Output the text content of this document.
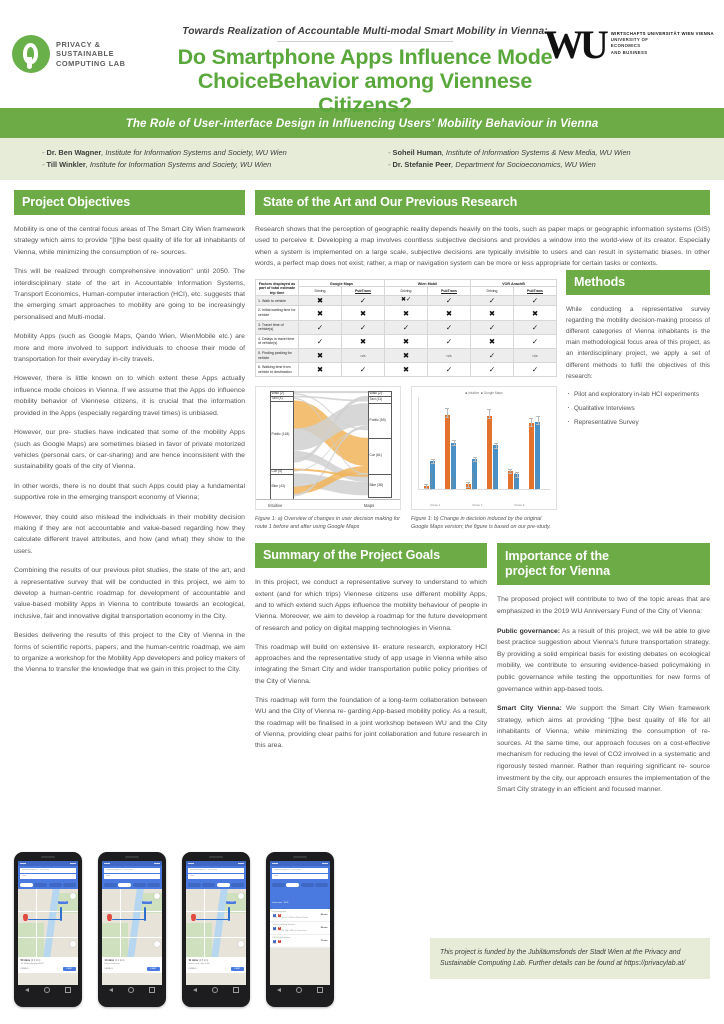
PRIVACY &
SUSTAINABLE
COMPUTING LAB
Towards Realization of Accountable Multi-modal Smart Mobility in Vienna:
Do Smartphone Apps Influence Mode
ChoiceBehavior among Viennese Citizens?
WU WIRTSCHAFTS UNIVERSITÄT WIEN VIENNA
UNIVERSITY OF
ECONOMICS
AND BUSINESS
The Role of User-interface Design in Influencing Users' Mobility Behaviour in Vienna
- Dr. Ben Wagner, Institute for Information Systems and Society, WU Wien
- Till Winkler, Institute for Information Systems and Society, WU Wien
- Soheil Human, Institute of Information Systems & New Media, WU Wien
- Dr. Stefanie Peer, Department for Socioeconomics, WU Wien
Project Objectives

Mobility is one of the central focus areas of The Smart City Wien framework strategy which aims to provide "[t]he best quality of life for all inhabitants of Vienna, while minimizing the consumption of re- sources.

This will be realized through comprehensive innovation" until 2050. The interdisciplinary state of the art in Accountable Information Systems, Transport Economics, Human-computer interaction (HCI), etc. suggests that the emerging smart approaches to mobility are going to be increasingly personalised and Multi-modal.

Mobility Apps (such as Google Maps, Qando Wien, WienMobile etc.) are more and more involved to support individuals to choose their mode of transportation for their everyday in-city travels.

However, there is little known on to which extent these Apps actually influence mode choices in Vienna. If we assume that the Apps do influence mobility behavior of Viennese citizens, it is crucial that the information provided in the Apps (especially regarding travel times) is unbiased.

However, our pre- studies have indicated that some of the mobility Apps (such as Google Maps) are sometimes biased in favor of private motorized vehicles (personal cars, or car-sharing) and are hence inconsistent with the sustainability goals of the city of Vienna.

In other words, there is no doubt that such Apps could play a fundamental supportive role in the emerging transport economy of Vienna;

However, they could also mislead the individuals in their mobility decision making if they are not accountable and value-based regarding how they calculate different travel attributes, and how (and what) they show to the users.

Combining the results of our previous pilot studies, the state of the art, and a representative survey that will be conducted in this project, we aim to develop a human-centric roadmap for development of accountable and value-based mobility Apps in Vienna to contribute towards an ecological, inclusive, fair and innovative digital transportation economy in the City.

Besides delivering the results of this project to the City of Vienna in the forms of scientific reports, papers, and the human-centric roadmap, we aim to organize a workshop for the Mobility App developers and policy makers of the Vienna to transfer the knowledge that we gain in this project to the City.

State of the Art and Our Previous Research

Research shows that the perception of geographic reality depends heavily on the tools, such as paper maps or geographic information systems (GIS) used to perceive it. Developing a map involves countless subjective decisions and provides a window into the world-view of its creator. Especially when a system is implemented on a large scale, subjective decisions are typically invisible to users and can result in systematic biases. In other words, a perfect map does not exist; rather, a map or navigation system can be more or less appropriate for certain tasks or contexts.

Factors displayed as part of total estimate trip time	Google Maps		Wien Mobil		VOR AnachB	
	Driving	PubTrans	Driving	PubTrans	Driving	PubTrans
1. Walk to vehicle	✖	✓	✖✓	✓	✓	✓
2. Initial waiting time for vehicle	✖	✖	✖	✖	✖	✖
3. Travel time of vehicle(s)	✓	✓	✓	✓	✓	✓
4. Delays in travel time of vehicle(s)	✓	✖	✖	✓	✖	✓
5. Finding parking for vehicle	✖	n/a	✖	n/a	✓	n/a
6. Walking time from vehicle to destination	✖	✓	✖	✓	✓	✓
Walk (2)
Taxi (4)
Public (118)
Car (4)
Bike (43)
Walk (2)
Taxi (11)
Public (59)
Car (61)
Bike (38)
Intuitive	Maps
Figure 1: a) Overview of changes in user decision making for route 1 before and after using Google Maps
■ Intuitive  ■ Google Maps
not comfortable	comfortable	not comfortable	comfortable	not comfortable	comfortable
Route 1	Route 2	Route 3
Figure 1: b) Change in decision induced by the original Google Maps version; the figure is based on our pre-study.
Methods

While conducting a representative survey regarding the mobility decision-making process of different categories of Vienna inhabitants is the main methodological focus area of this project, as an interdisciplinary project, we apply a set of different methods to fulfil the objectives of this research:

· Pilot and exploratory in-lab HCI experiments
· Qualitative Interviews
· Representative Survey
Summary of the Project Goals

In this project, we conduct a representative survey to understand to which extent (and for which trips) Viennese citizens use different mobility Apps, and to which extend such Apps influence the mobility behaviour of people in Vienna. Moreover, we aim to develop a roadmap for the future development of research and policy on digital mapping technologies in Vienna.

This roadmap will build on extensive lit- erature research, exploratory HCI approaches and the representative study of app usage in Vienna while also integrating the Smart City and wider transportation public policy priorities of the City of Vienna.

This roadmap will form the foundation of a long-term collaboration between WU and the City of Vienna re- garding App-based mobility policy. As a result, the roadmap will be finalised in a joint workshop between WU and the City of Vienna, providing clear paths for joint collaboration and future research in this area.

Importance of the
project for Vienna

The proposed project will contribute to two of the topic areas that are emphasized in the 2019 WU Anniversary Fund of the City of Vienna:

Public governance: As a result of this project, we will be able to give best practice suggestion about Vienna's future transportation strategy. By providing a solid empirical basis for existing debates on ecological mobility, we contribute to ensuring evidence-based policymaking in public governance while testing the opportunities for new forms of governance within app-based tools.

Smart City Vienna: We support the Smart City Wien framework strategy, which aims at providing "[t]he best quality of life for all inhabitants of Vienna, while minimizing the consumption of re- sources. At the same time, our approach focuses on a cost-effective mechanism for reducing the level of CO2 involved in a systematic and rigorously tested manner. Rather than requiring significant re- source investment by the city, our approach ensures the implementation of the Smart City strategy in an efficient and focused manner.

This project is funded by the Jubiläumsfonds der Stadt Wien at the Privacy and Sustainable Computing Lab. Further details can be found at https://privacylab.at/

Welthandelsplatz 1, 1020 Wien
Wien
50 mins
50 mins (3,9 km)
via Welthandelsplatz/B227
DETAILS	START
Welthandelsplatz 1, 1020 Wien
Wien
14 mins
14 mins (2,1 km)
fastest route now
DETAILS	START
Welthandelsplatz 1, 1020 Wien
Wien
11 mins
11 mins (4,5 km)
fastest route, light traffic
DETAILS	START
Welthandelsplatz 1, 1020 Wien
Wien
Leave now · 14:31
Recommended
U	A	26 min
14:31 - 14:45 U2 / 25A via Messe-Prater
Shortest walking distance
U	A	26 min
14:27 - 14:53 11A / 80A via Praterstern
Other transportation
U	A	11 min
Uber
